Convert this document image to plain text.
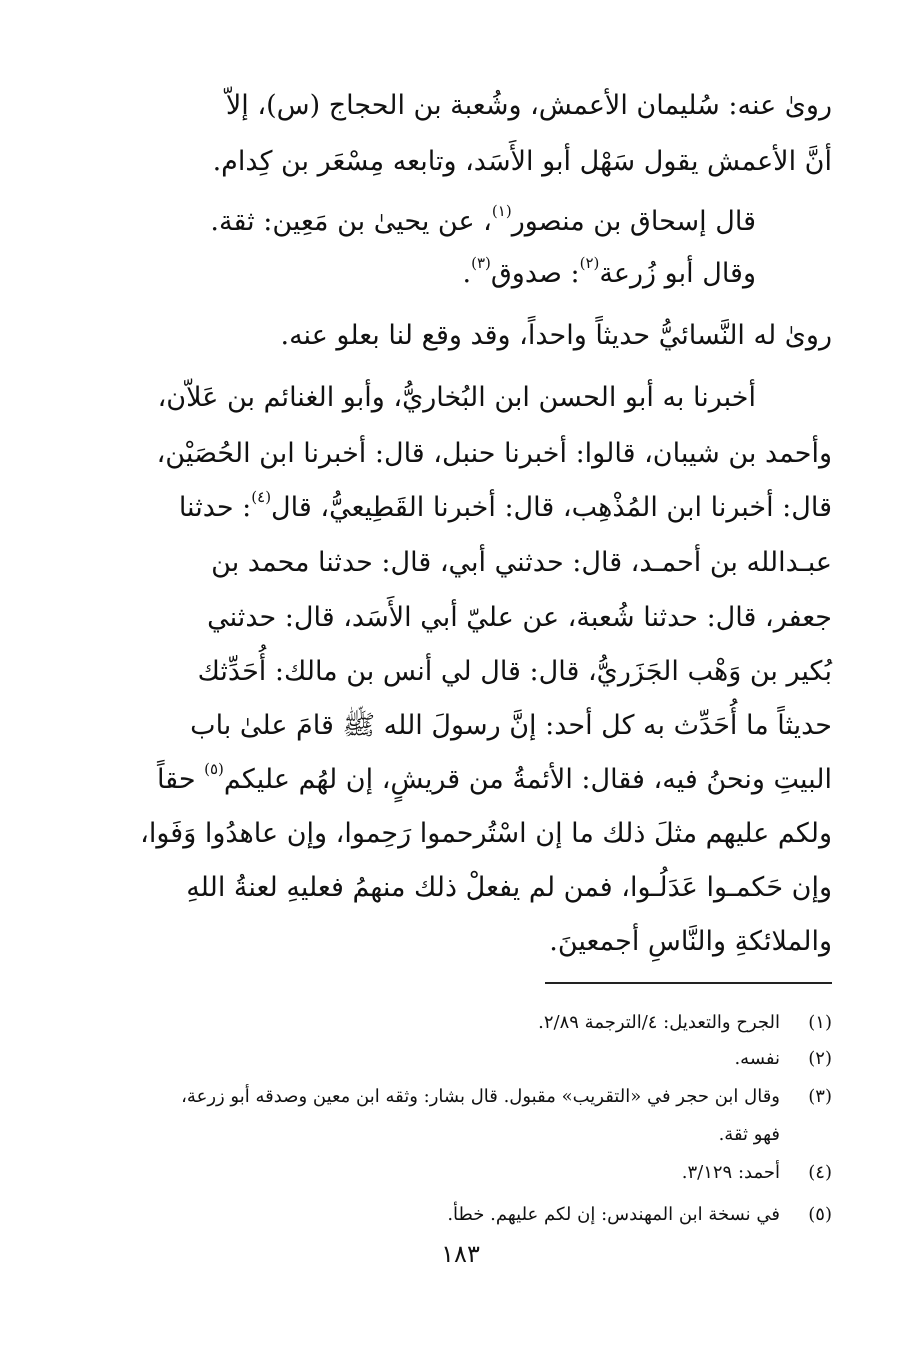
رویٰ عنه: سُليمان الأعمش، وشُعبة بن الحجاج (س)، إلاّ
أنَّ الأعمش يقول سَهْل أبو الأَسَد، وتابعه مِسْعَر بن كِدام.
قال إسحاق بن منصور$^{(١)}$، عن يحيىٰ بن مَعِين: ثقة.
وقال أبو زُرعة$^{(٢)}$: صدوق$^{(٣)}$.
رویٰ له النَّسائيُّ حديثاً واحداً، وقد وقع لنا بعلو عنه.
أخبرنا به أبو الحسن ابن البُخاريُّ، وأبو الغنائم بن عَلاّن،
وأحمد بن شيبان، قالوا: أخبرنا حنبل، قال: أخبرنا ابن الحُصَيْن،
قال: أخبرنا ابن المُذْهِب، قال: أخبرنا القَطِيعيُّ، قال$^{(٤)}$: حدثنا
عبـدالله بن أحمـد، قال: حدثني أبي، قال: حدثنا محمد بن
جعفر، قال: حدثنا شُعبة، عن عليّ أبي الأَسَد، قال: حدثني
بُكير بن وَهْب الجَزَريُّ، قال: قال لي أنس بن مالك: أُحَدِّثك
حديثاً ما أُحَدِّث به كل أحد: إنَّ رسولَ الله ﷺ قامَ علىٰ باب
البيتِ ونحنُ فيه، فقال: الأئمةُ من قريشٍ، إن لهُم عليكم$^{(٥)}$ حقاً
ولكم عليهم مثلَ ذلك ما إن اسْتُرحموا رَحِموا، وإن عاهدُوا وَفَوا،
وإن حَكمـوا عَدَلُـوا، فمن لم يفعلْ ذلك منهمُ فعليهِ لعنةُ اللهِ
والملائكةِ والنَّاسِ أجمعينَ.
(١)
الجرح والتعديل: ٤/الترجمة ٢/٨٩.
(٢)
نفسه.
(٣)
وقال ابن حجر في «التقريب» مقبول. قال بشار: وثقه ابن معين وصدقه أبو زرعة،
فهو ثقة.
(٤)
أحمد: ٣/١٢٩.
(٥)
في نسخة ابن المهندس: إن لكم عليهم. خطأ.
١٨٣
